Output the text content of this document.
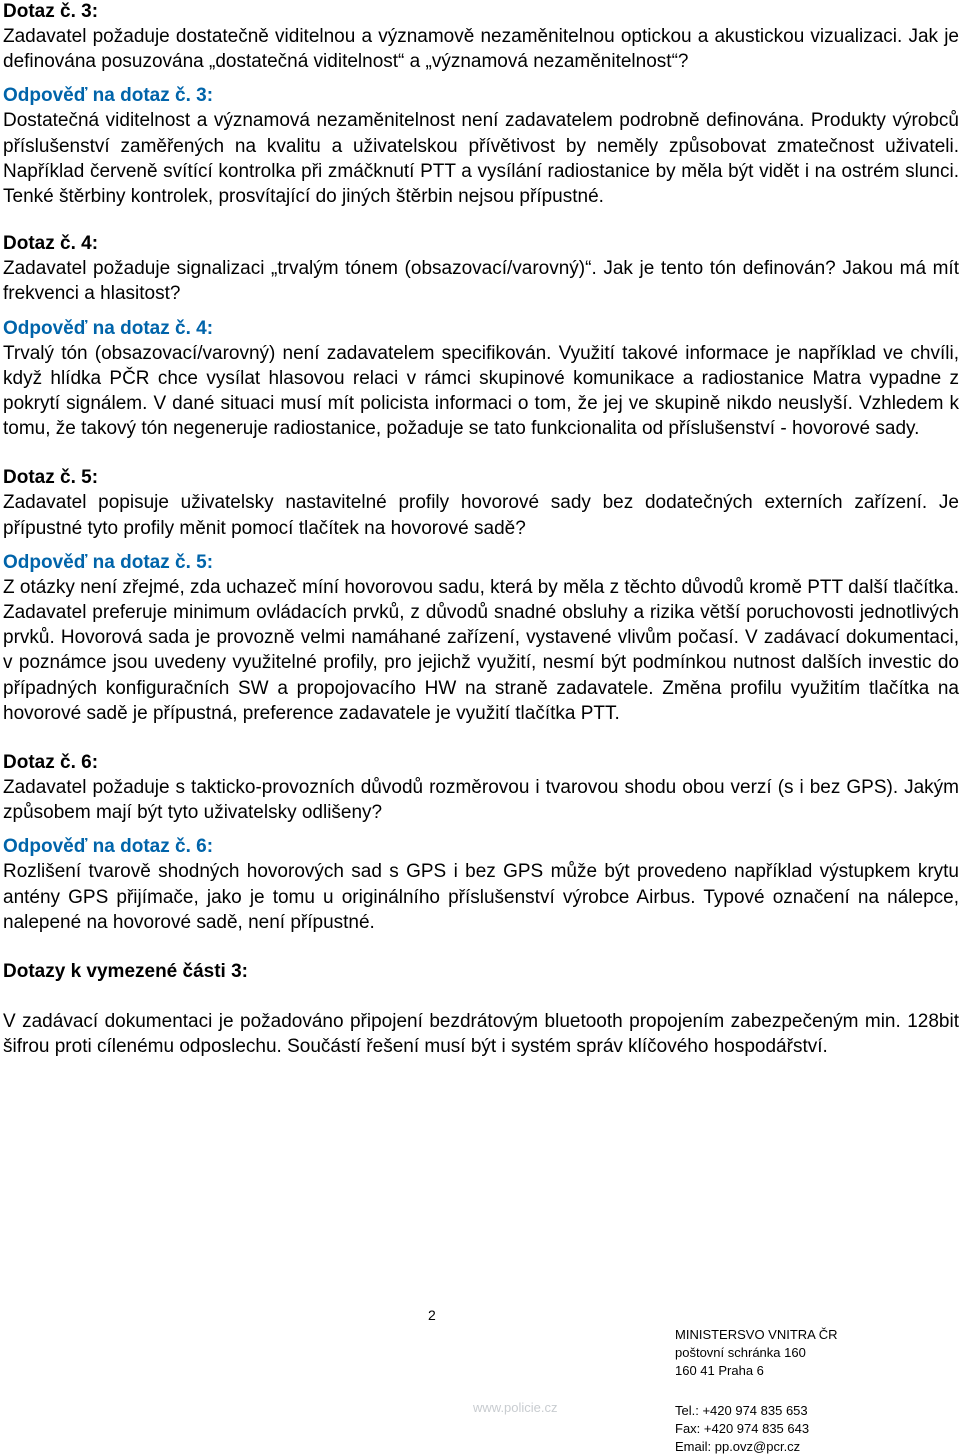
Dotaz č. 3:

Zadavatel požaduje dostatečně viditelnou a významově nezaměnitelnou optickou a akustickou vizualizaci. Jak je definována posuzována „dostatečná viditelnost“ a „významová nezaměnitelnost“?

Odpověď na dotaz č. 3:

Dostatečná viditelnost a významová nezaměnitelnost není zadavatelem podrobně definována. Produkty výrobců příslušenství zaměřených na kvalitu a uživatelskou přívětivost by neměly způsobovat zmatečnost uživateli. Například červeně svítící kontrolka při zmáčknutí PTT a vysílání radiostanice by měla být vidět i na ostrém slunci. Tenké štěrbiny kontrolek, prosvítající do jiných štěrbin nejsou přípustné.

Dotaz č. 4:

Zadavatel požaduje signalizaci „trvalým tónem (obsazovací/varovný)“. Jak je tento tón definován? Jakou má mít frekvenci a hlasitost?

Odpověď na dotaz č. 4:

Trvalý tón (obsazovací/varovný) není zadavatelem specifikován. Využití takové informace je například ve chvíli, když hlídka PČR chce vysílat hlasovou relaci v rámci skupinové komunikace a radiostanice Matra vypadne z pokrytí signálem. V dané situaci musí mít policista informaci o tom, že jej ve skupině nikdo neuslyší. Vzhledem k tomu, že takový tón negeneruje radiostanice, požaduje se tato funkcionalita od příslušenství - hovorové sady.

Dotaz č. 5:

Zadavatel popisuje uživatelsky nastavitelné profily hovorové sady bez dodatečných externích zařízení. Je přípustné tyto profily měnit pomocí tlačítek na hovorové sadě?

Odpověď na dotaz č. 5:

Z otázky není zřejmé, zda uchazeč míní hovorovou sadu, která by měla z těchto důvodů kromě PTT další tlačítka. Zadavatel preferuje minimum ovládacích prvků, z důvodů snadné obsluhy a rizika větší poruchovosti jednotlivých prvků. Hovorová sada je provozně velmi namáhané zařízení, vystavené vlivům počasí. V zadávací dokumentaci, v poznámce jsou uvedeny využitelné profily, pro jejichž využití, nesmí být podmínkou nutnost dalších investic do případných konfiguračních SW a propojovacího HW na straně zadavatele. Změna profilu využitím tlačítka na hovorové sadě je přípustná, preference zadavatele je využití tlačítka PTT.

Dotaz č. 6:

Zadavatel požaduje s takticko-provozních důvodů rozměrovou i tvarovou shodu obou verzí (s i bez GPS). Jakým způsobem mají být tyto uživatelsky odlišeny?

Odpověď na dotaz č. 6:

Rozlišení tvarově shodných hovorových sad s GPS i bez GPS může být provedeno například výstupkem krytu antény GPS přijímače, jako je tomu u originálního příslušenství výrobce Airbus. Typové označení na nálepce, nalepené na hovorové sadě, není přípustné.

Dotazy k vymezené části 3:

V zadávací dokumentaci je požadováno připojení bezdrátovým bluetooth propojením zabezpečeným min. 128bit šifrou proti cílenému odposlechu. Součástí řešení musí být i systém správ klíčového hospodářství.

2
www.policie.cz
MINISTERSVO VNITRA ČR
poštovní schránka 160
160 41 Praha 6
Tel.: +420 974 835 653
Fax: +420 974 835 643
Email: pp.ovz@pcr.cz
